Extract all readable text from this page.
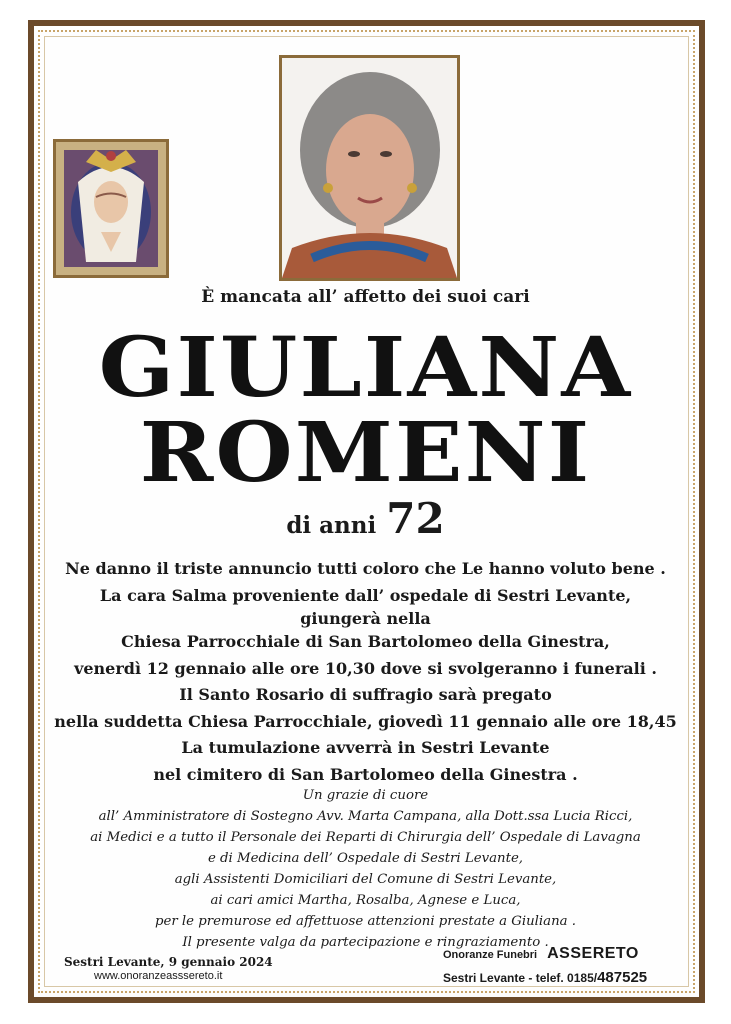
È mancata all’ affetto dei suoi cari
GIULIANA
ROMENI
di anni 72
Ne danno il triste annuncio tutti coloro che Le hanno voluto bene .
La cara Salma proveniente dall’ ospedale di Sestri Levante,
giungerà nella
Chiesa Parrocchiale di San Bartolomeo della Ginestra,
venerdì 12 gennaio alle ore 10,30 dove si svolgeranno i funerali .
Il Santo Rosario di suffragio sarà pregato
nella suddetta Chiesa Parrocchiale, giovedì 11 gennaio alle ore 18,45
La tumulazione avverrà in Sestri Levante
nel cimitero di San Bartolomeo della Ginestra .
Un grazie di cuore
all’ Amministratore di Sostegno Avv. Marta Campana, alla Dott.ssa Lucia Ricci,
ai Medici e a tutto il Personale dei Reparti di Chirurgia dell’ Ospedale di Lavagna
e di Medicina dell’ Ospedale di Sestri Levante,
agli Assistenti Domiciliari del Comune di Sestri Levante,
ai cari amici Martha, Rosalba, Agnese e Luca,
per le premurose ed affettuose attenzioni prestate a Giuliana .
Il presente valga da partecipazione e ringraziamento .
Sestri Levante, 9 gennaio 2024
www.onoranzeasssereto.it
Onoranze Funebri ASSERETO
Sestri Levante - telef. 0185/487525
